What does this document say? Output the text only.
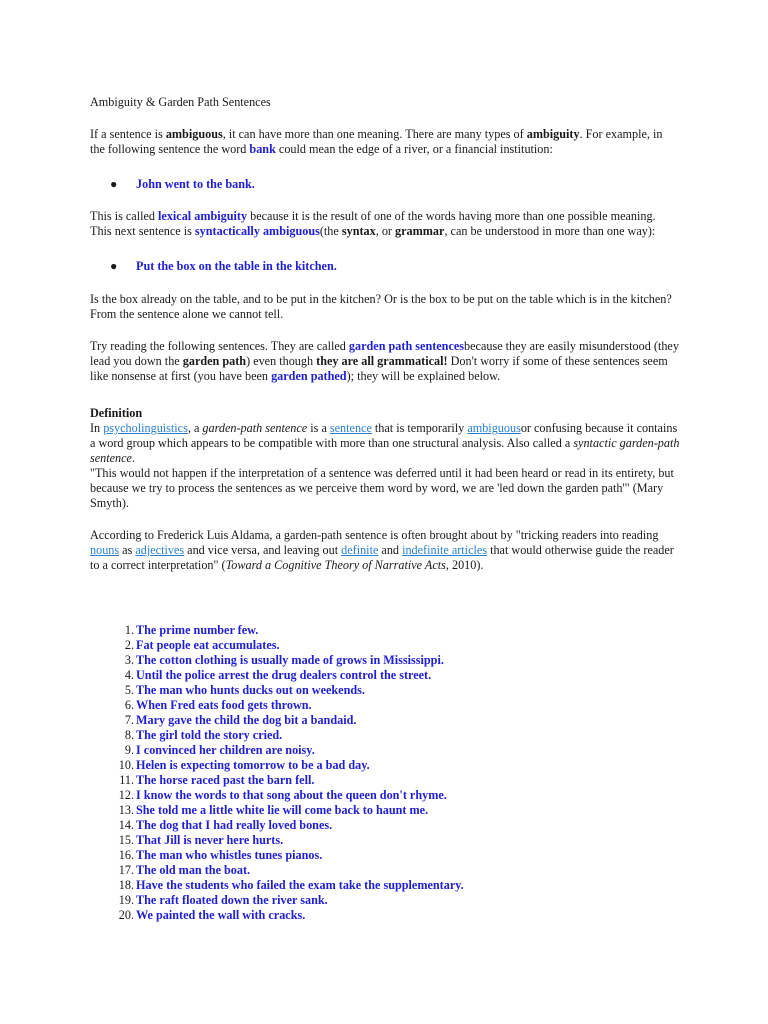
Ambiguity & Garden Path Sentences

If a sentence is ambiguous, it can have more than one meaning. There are many types of ambiguity. For example, in the following sentence the word bank could mean the edge of a river, or a financial institution:

●	John went to the bank.

This is called lexical ambiguity because it is the result of one of the words having more than one possible meaning. This next sentence is syntactically ambiguous(the syntax, or grammar, can be understood in more than one way):

●	Put the box on the table in the kitchen.

Is the box already on the table, and to be put in the kitchen? Or is the box to be put on the table which is in the kitchen? From the sentence alone we cannot tell.

Try reading the following sentences. They are called garden path sentencesbecause they are easily misunderstood (they lead you down the garden path) even though they are all grammatical! Don't worry if some of these sentences seem like nonsense at first (you have been garden pathed); they will be explained below.

Definition

In psycholinguistics, a garden-path sentence is a sentence that is temporarily ambiguousor confusing because it contains a word group which appears to be compatible with more than one structural analysis. Also called a syntactic garden-path sentence.

"This would not happen if the interpretation of a sentence was deferred until it had been heard or read in its entirety, but because we try to process the sentences as we perceive them word by word, we are 'led down the garden path'" (Mary Smyth).

According to Frederick Luis Aldama, a garden-path sentence is often brought about by "tricking readers into reading nouns as adjectives and vice versa, and leaving out definite and indefinite articles that would otherwise guide the reader to a correct interpretation" (Toward a Cognitive Theory of Narrative Acts, 2010).

1. The prime number few.
2. Fat people eat accumulates.
3. The cotton clothing is usually made of grows in Mississippi.
4. Until the police arrest the drug dealers control the street.
5. The man who hunts ducks out on weekends.
6. When Fred eats food gets thrown.
7. Mary gave the child the dog bit a bandaid.
8. The girl told the story cried.
9. I convinced her children are noisy.
10. Helen is expecting tomorrow to be a bad day.
11. The horse raced past the barn fell.
12. I know the words to that song about the queen don't rhyme.
13. She told me a little white lie will come back to haunt me.
14. The dog that I had really loved bones.
15. That Jill is never here hurts.
16. The man who whistles tunes pianos.
17. The old man the boat.
18. Have the students who failed the exam take the supplementary.
19. The raft floated down the river sank.
20. We painted the wall with cracks.
